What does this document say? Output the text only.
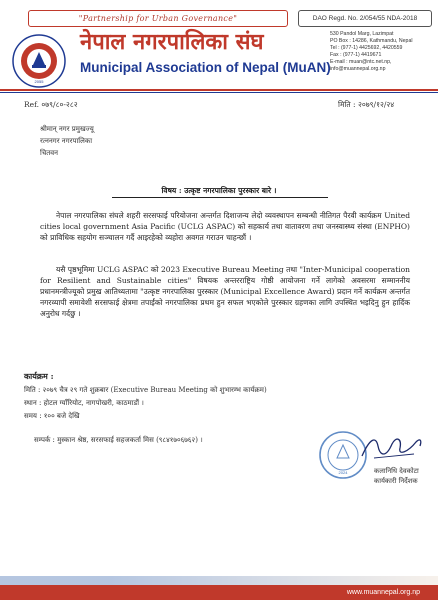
"Partnership for Urban Governance"	DAO Regd. No. 2/054/55 NDA-2018
2055
नेपाल नगरपालिका संघ
Municipal Association of Nepal (MuAN)
530 Pandol Marg, Lazimpat
PO Box : 14286, Kathmandu, Nepal
Tel : (977-1) 4425692, 4420559
Fax : (977-1) 4419671
E-mail : muan@ntc.net.np,
info@muannepal.org.np
Ref. ०७९/८०-२८२	मिति : २०७९/१२/२४
श्रीमान् नगर प्रमुखज्यू
रत्ननगर नगरपालिका
चितवन
विषय : उत्कृष्ट नगरपालिका पुरस्कार बारे ।
नेपाल नगरपालिका संघले शहरी सरसफाई परियोजना अन्तर्गत दिशाजन्य लेदो व्यवस्थापन सम्बन्धी नीतिगत पैरवी कार्यक्रम United cities local government Asia Pacific (UCLG ASPAC) को सहकार्य तथा वातावरण तथा जनस्वास्थ्य संस्था (ENPHO) को प्राविधिक सहयोग सञ्चालन गर्दै आइरहेको व्यहोरा अवगत गराउन चाहन्छौं ।
यसै पृष्ठभूमिमा UCLG ASPAC को 2023 Executive Bureau Meeting तथा "Inter-Municipal cooperation for Resilient and Sustainable cities" विषयक अन्तरराष्ट्रिय गोष्ठी आयोजना गर्ने लागेको अवसरमा सम्माननीय प्रधानमन्त्रीज्यूको प्रमुख आतिथ्यतामा "उत्कृष्ट नगरपालिका पुरस्कार (Municipal Excellence Award) प्रदान गर्ने कार्यक्रम अन्तर्गत नगरव्यापी समावेशी सरसफाई क्षेत्रमा तपाईंको नगरपालिका प्रथम हुन सफल भएकोले पुरस्कार ग्रहणका लागि उपस्थित भइदिनु हुन हार्दिक अनुरोध गर्दछु ।
कार्यक्रम :
मिति : २०७९ चैत्र २९ गते शुक्रबार (Executive Bureau Meeting को शुभारम्भ कार्यक्रम)
स्थान : होटल ग्याँरियोट, नागपोखरी, काठमाडौं ।
समय : १०० बजे देखि
सम्पर्क : मुस्कान श्रेष्ठ, सरसफाई सहजकर्ता मिस (९८४१७०६७६२) ।
2024	कलानिधि देवकोटा
कार्यकारी निर्देशक
www.muannepal.org.np
